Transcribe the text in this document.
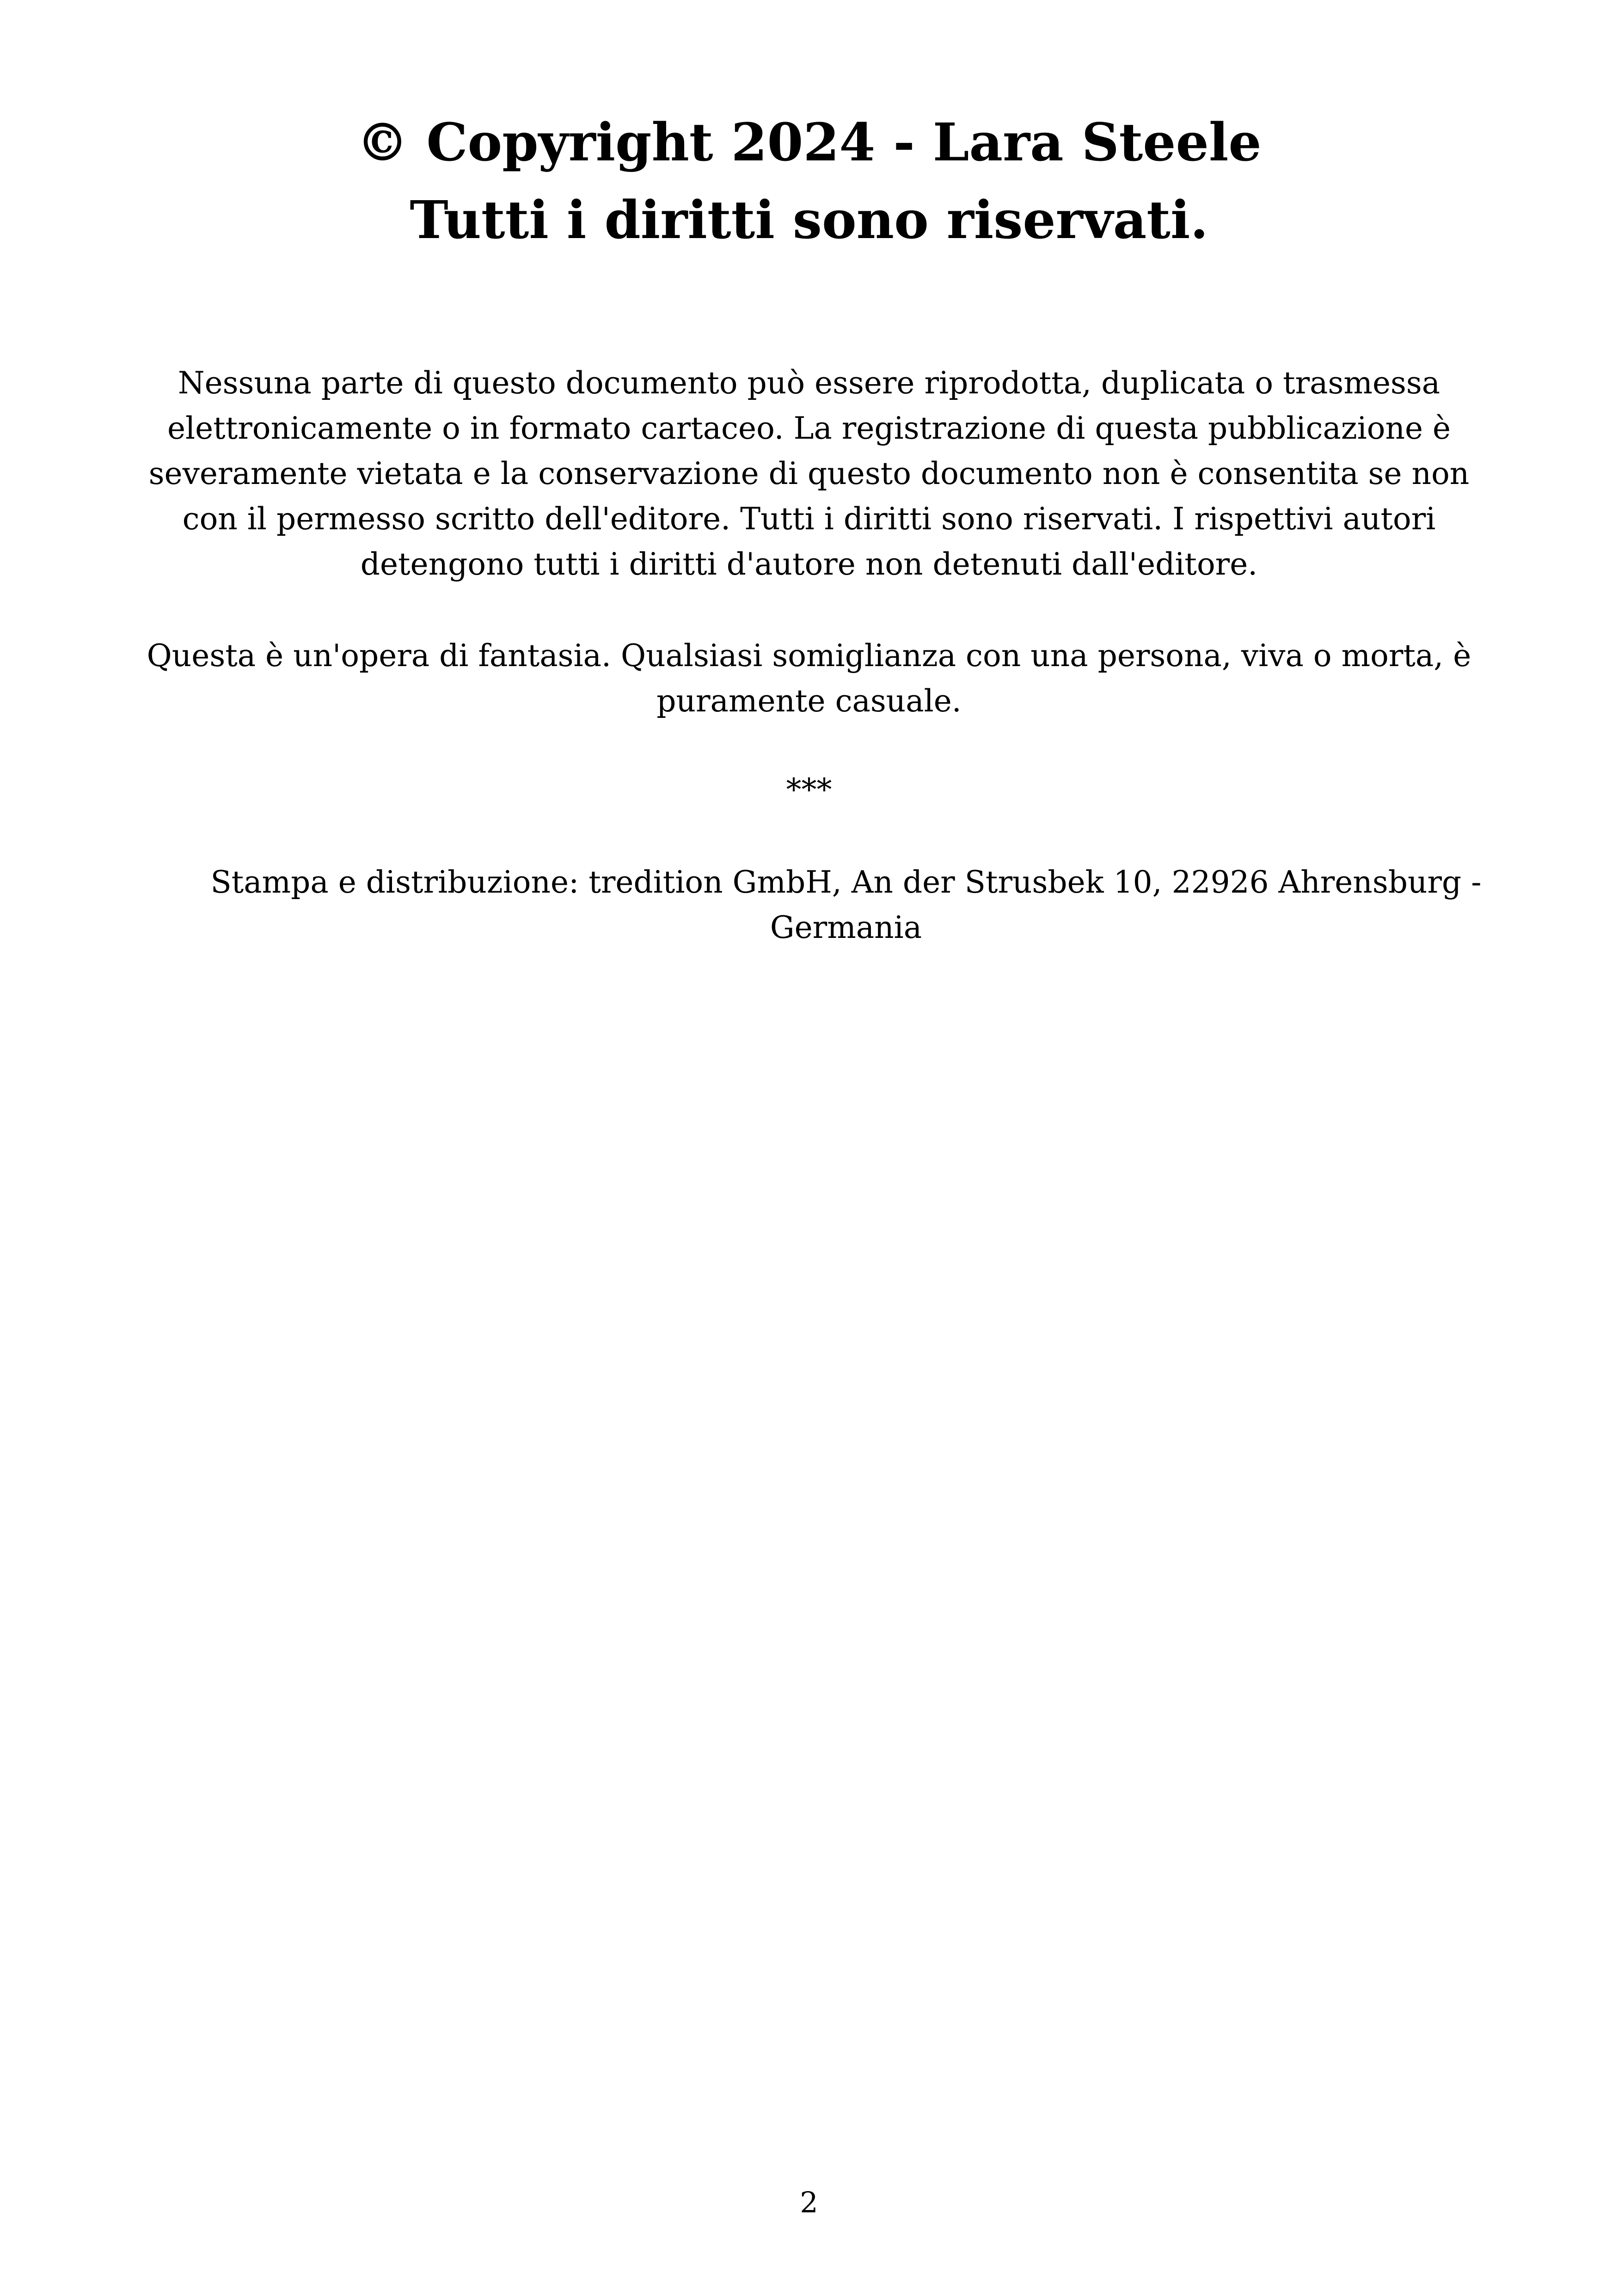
© Copyright 2024 - Lara Steele
Tutti i diritti sono riservati.

Nessuna parte di questo documento può essere riprodotta, duplicata o trasmessa elettronicamente o in formato cartaceo. La registrazione di questa pubblicazione è severamente vietata e la conservazione di questo documento non è consentita se non con il permesso scritto dell'editore. Tutti i diritti sono riservati. I rispettivi autori detengono tutti i diritti d'autore non detenuti dall'editore.

Questa è un'opera di fantasia. Qualsiasi somiglianza con una persona, viva o morta, è puramente casuale.

***

Stampa e distribuzione: tredition GmbH, An der Strusbek 10, 22926 Ahrensburg - Germania

2
